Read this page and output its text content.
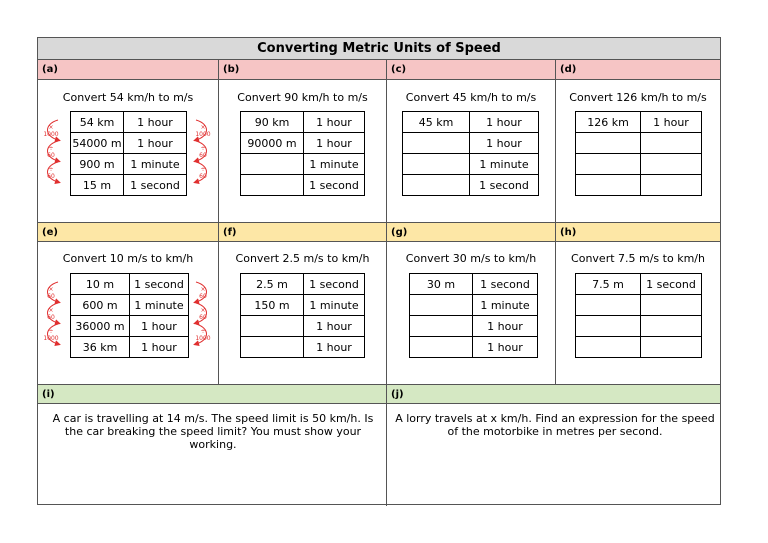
Converting Metric Units of Speed
(a)	(b)	(c)	(d)
(e)	(f)	(g)	(h)
(i)	(j)
Convert 54 km/h to m/s	Convert 90 km/h to m/s	Convert 45 km/h to m/s	Convert 126 km/h to m/s
Convert 10 m/s to km/h	Convert 2.5 m/s to km/h	Convert 30 m/s to km/h	Convert 7.5 m/s to km/h
54 km	1 hour
54000 m	1 hour
900 m	1 minute
15 m	1 second
90 km	1 hour
90000 m	1 hour
	1 minute
	1 second
45 km	1 hour
	1 hour
	1 minute
	1 second
126 km	1 hour

10 m	1 second
600 m	1 minute
36000 m	1 hour
36 km	1 hour
2.5 m	1 second
150 m	1 minute
	1 hour
	1 hour
30 m	1 second
	1 minute
	1 hour
	1 hour
7.5 m	1 second

A car is travelling at 14 m/s. The speed limit is 50 km/h. Is the car breaking the speed limit? You must show your working.
A lorry travels at x km/h. Find an expression for the speed of the motorbike in metres per second.
×
1000
÷
60
÷
60
×
1000
÷
60
÷
60
×
60
×
60
÷
1000
×
60
×
60
÷
1000
